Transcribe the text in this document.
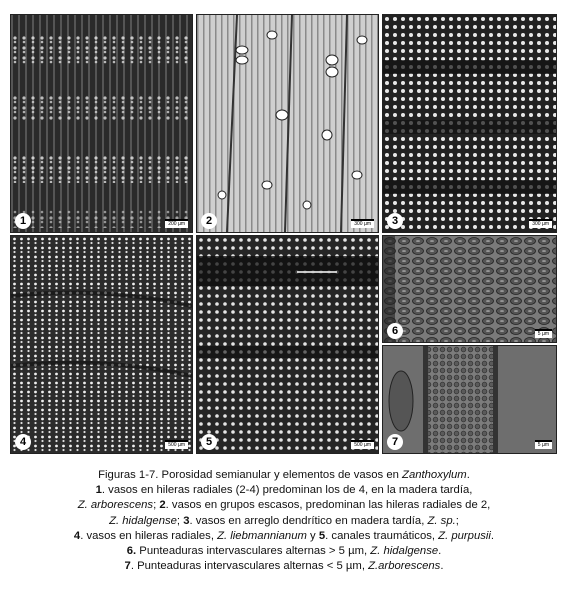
1	200 µm	2	300 µm	3	300 µm
4	500 µm	5	500 µm
6	5 µm
7	5 µm

Figuras 1-7. Porosidad semianular y elementos de vasos en Zanthoxylum.

1. vasos en hileras radiales (2-4) predominan los de 4, en la madera tardía,

Z. arborescens; 2. vasos en grupos escasos, predominan las hileras radiales de 2,

Z. hidalgense; 3. vasos en arreglo dendrítico en madera tardía, Z. sp.;

4. vasos en hileras radiales, Z. liebmannianum y 5. canales traumáticos, Z. purpusii.

6. Punteaduras intervasculares alternas > 5 µm, Z. hidalgense.

7. Punteaduras intervasculares alternas < 5 µm, Z.arborescens.
